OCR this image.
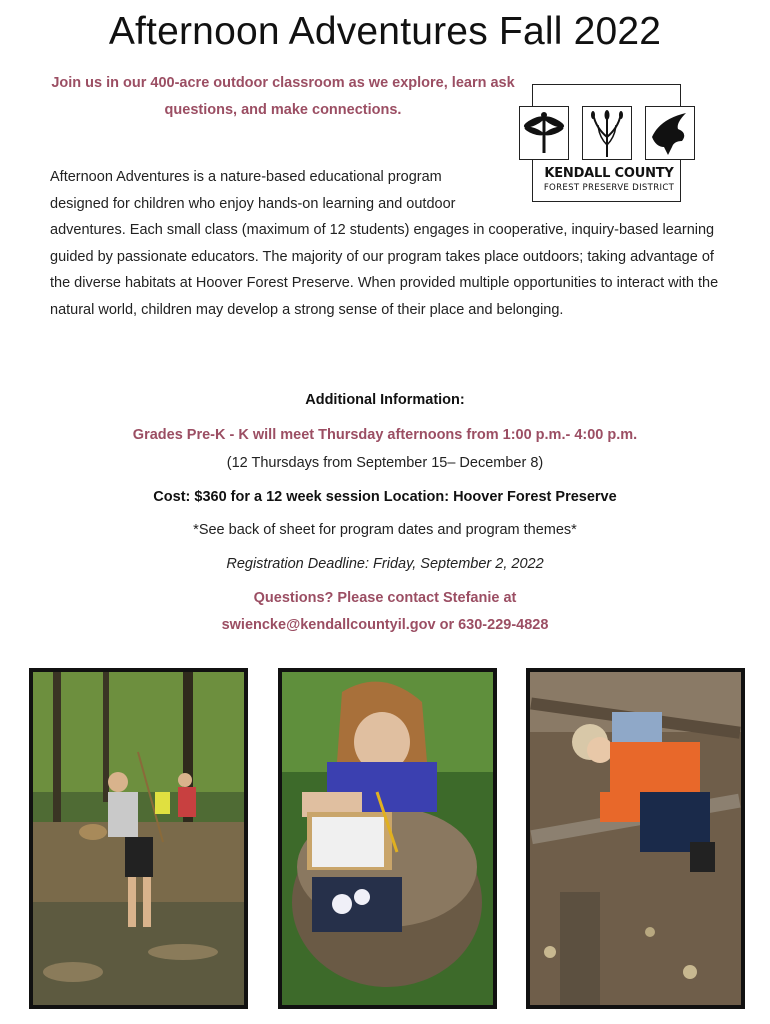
Afternoon Adventures Fall 2022
Join us in our 400-acre outdoor classroom as we explore, learn ask questions, and make connections.
KENDALL COUNTY
FOREST PRESERVE DISTRICT
Afternoon Adventures is a nature-based educational program
designed for children who enjoy hands-on learning and outdoor
adventures. Each small class (maximum of 12 students) engages in cooperative, inquiry-based learning guided by passionate educators. The majority of our program takes place outdoors; taking advantage of the diverse habitats at Hoover Forest Preserve. When provided multiple opportunities to interact with the natural world, children may develop a strong sense of their place and belonging.
Additional Information:
Grades Pre-K - K will meet Thursday afternoons from 1:00 p.m.- 4:00 p.m.
(12 Thursdays from September 15– December 8)
Cost: $360 for a 12 week session Location: Hoover Forest Preserve
*See back of sheet for program dates and program themes*
Registration Deadline: Friday, September 2, 2022
Questions? Please contact Stefanie at
swiencke@kendallcountyil.gov or 630-229-4828
